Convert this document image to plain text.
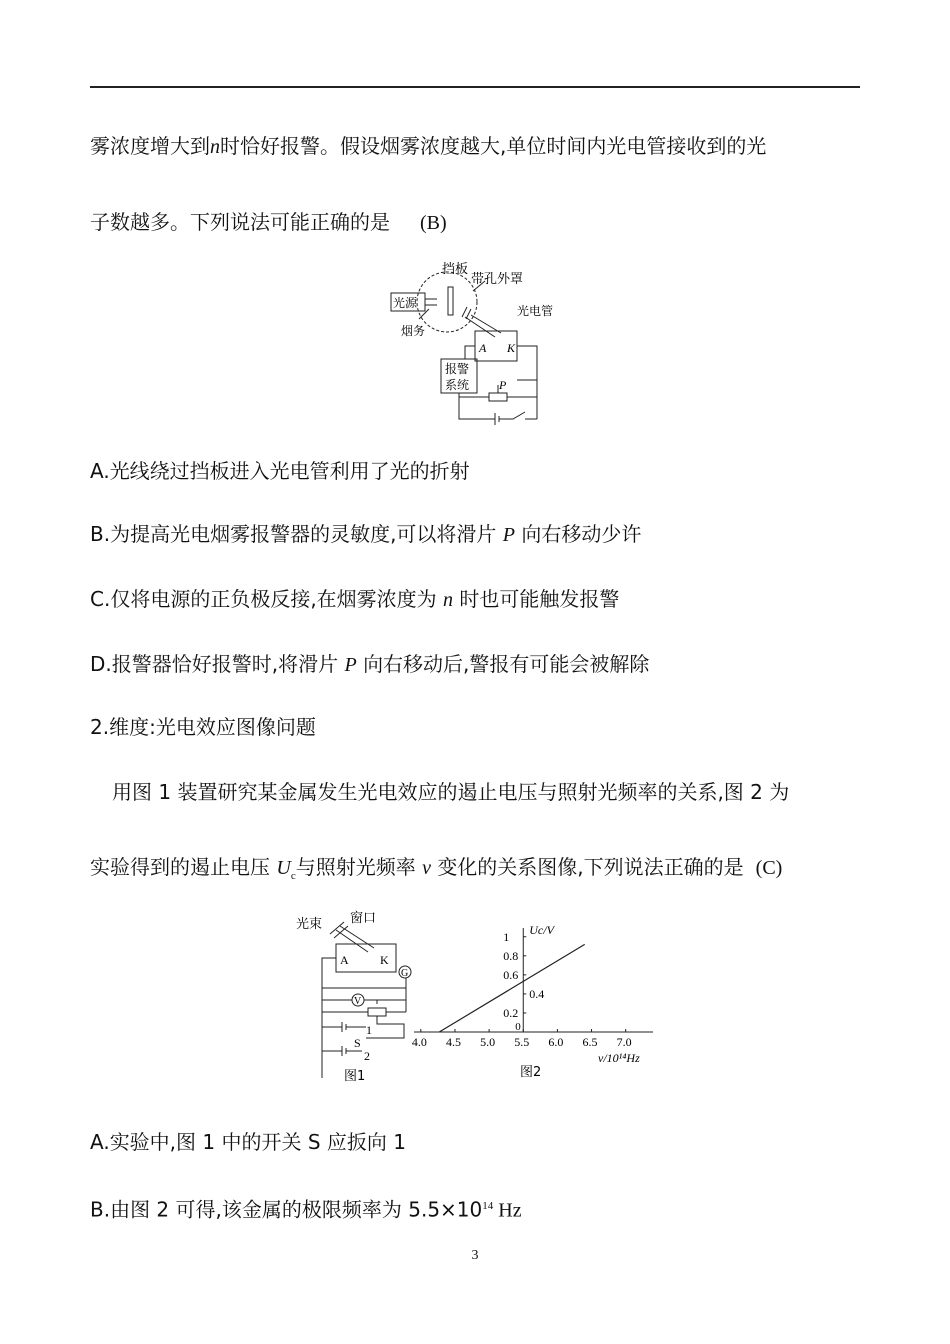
雾浓度增大到n时恰好报警。假设烟雾浓度越大,单位时间内光电管接收到的光
子数越多。下列说法可能正确的是 (B)
挡板
带孔外罩
光源
光电管
烟务
A K
报警
系统 P
A.光线绕过挡板进入光电管利用了光的折射
B.为提高光电烟雾报警器的灵敏度,可以将滑片 P 向右移动少许
C.仅将电源的正负极反接,在烟雾浓度为 n 时也可能触发报警
D.报警器恰好报警时,将滑片 P 向右移动后,警报有可能会被解除
2.维度:光电效应图像问题
用图 1 装置研究某金属发生光电效应的遏止电压与照射光频率的关系,图 2 为
实验得到的遏止电压 $U_c$与照射光频率 v 变化的关系图像,下列说法正确的是 (C)
光束 窗口
A	K
G
V
1
S
2
图1
4.0 4.5 5.0 5.5 6.0 6.5 7.0
0.2
0.4
0.6
0.8
1 Uc/V
v/10¹⁴Hz
0
图2
A.实验中,图 1 中的开关 S 应扳向 1
B.由图 2 可得,该金属的极限频率为 $5.5\times 10^{14}$ Hz
3
